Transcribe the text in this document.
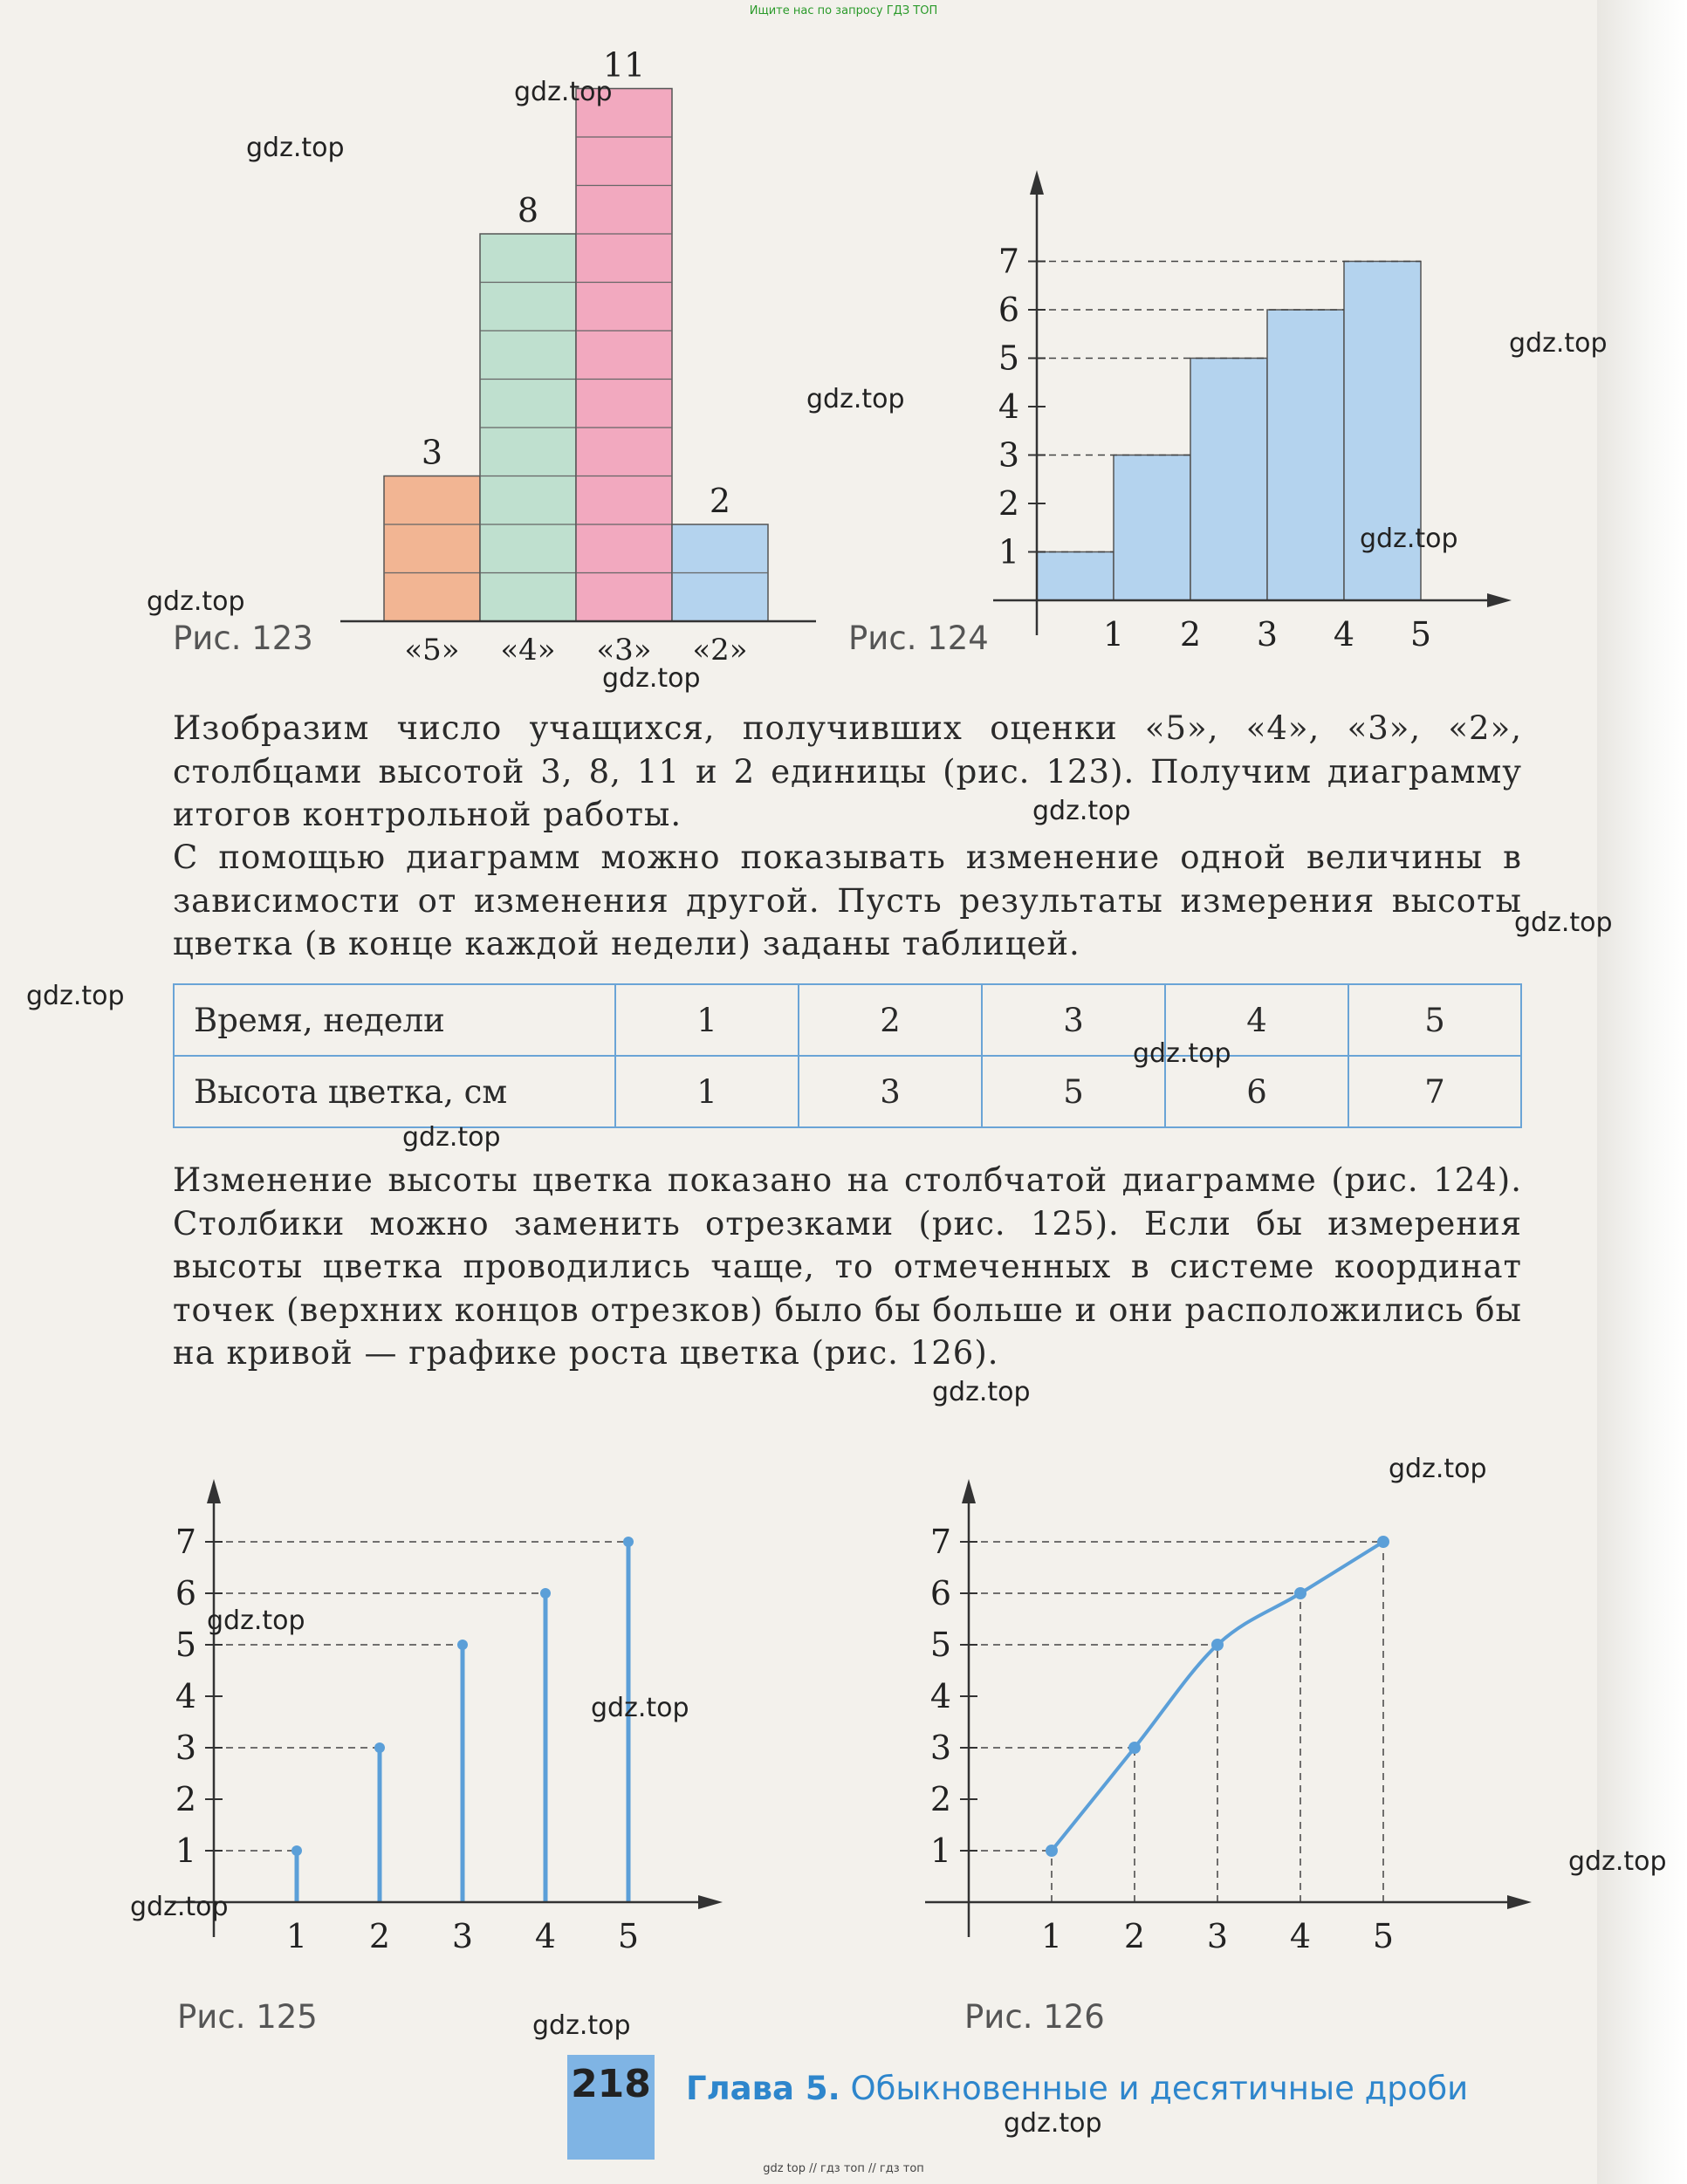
Ищите нас по запросу ГДЗ ТОП
3
«5»
8
«4»
11
«3»
2
«2»
Рис. 123
1
2
3
4
5
6
7
1 2 3 4 5
Рис. 124
Изобразим число учащихся, получивших оценки «5», «4», «3», «2», столбцами высотой 3, 8, 11 и 2 единицы (рис. 123). Получим диаграмму итогов контрольной работы.
С помощью диаграмм можно показывать изменение одной величины в зависимости от изменения другой. Пусть результаты измерения высоты цветка (в конце каждой недели) заданы таблицей.
Время, недели	1	2	3	4	5
Высота цветка, см	1	3	5	6	7
Изменение высоты цветка показано на столбчатой диаграмме (рис. 124). Столбики можно заменить отрезками (рис. 125). Если бы измерения высоты цветка проводились чаще, то отмеченных в системе координат точек (верхних концов отрезков) было бы больше и они расположились бы на кривой — графике роста цветка (рис. 126).
1
2
3
4
5
6
7
1 2 3 4 5
Рис. 125
1
2
3
4
5
6
7
1 2 3 4 5
Рис. 126
218 Глава 5. Обыкновенные и десятичные дроби
gdz.top
gdz.top
gdz.top
gdz.top
gdz.top
gdz.top
gdz.top
gdz.top
gdz.top
gdz.top
gdz.top
gdz.top
gdz.top
gdz.top
gdz.top
gdz.top
gdz.top
gdz.top
gdz.top
gdz.top
gdz top // гдз топ // гдз топ
